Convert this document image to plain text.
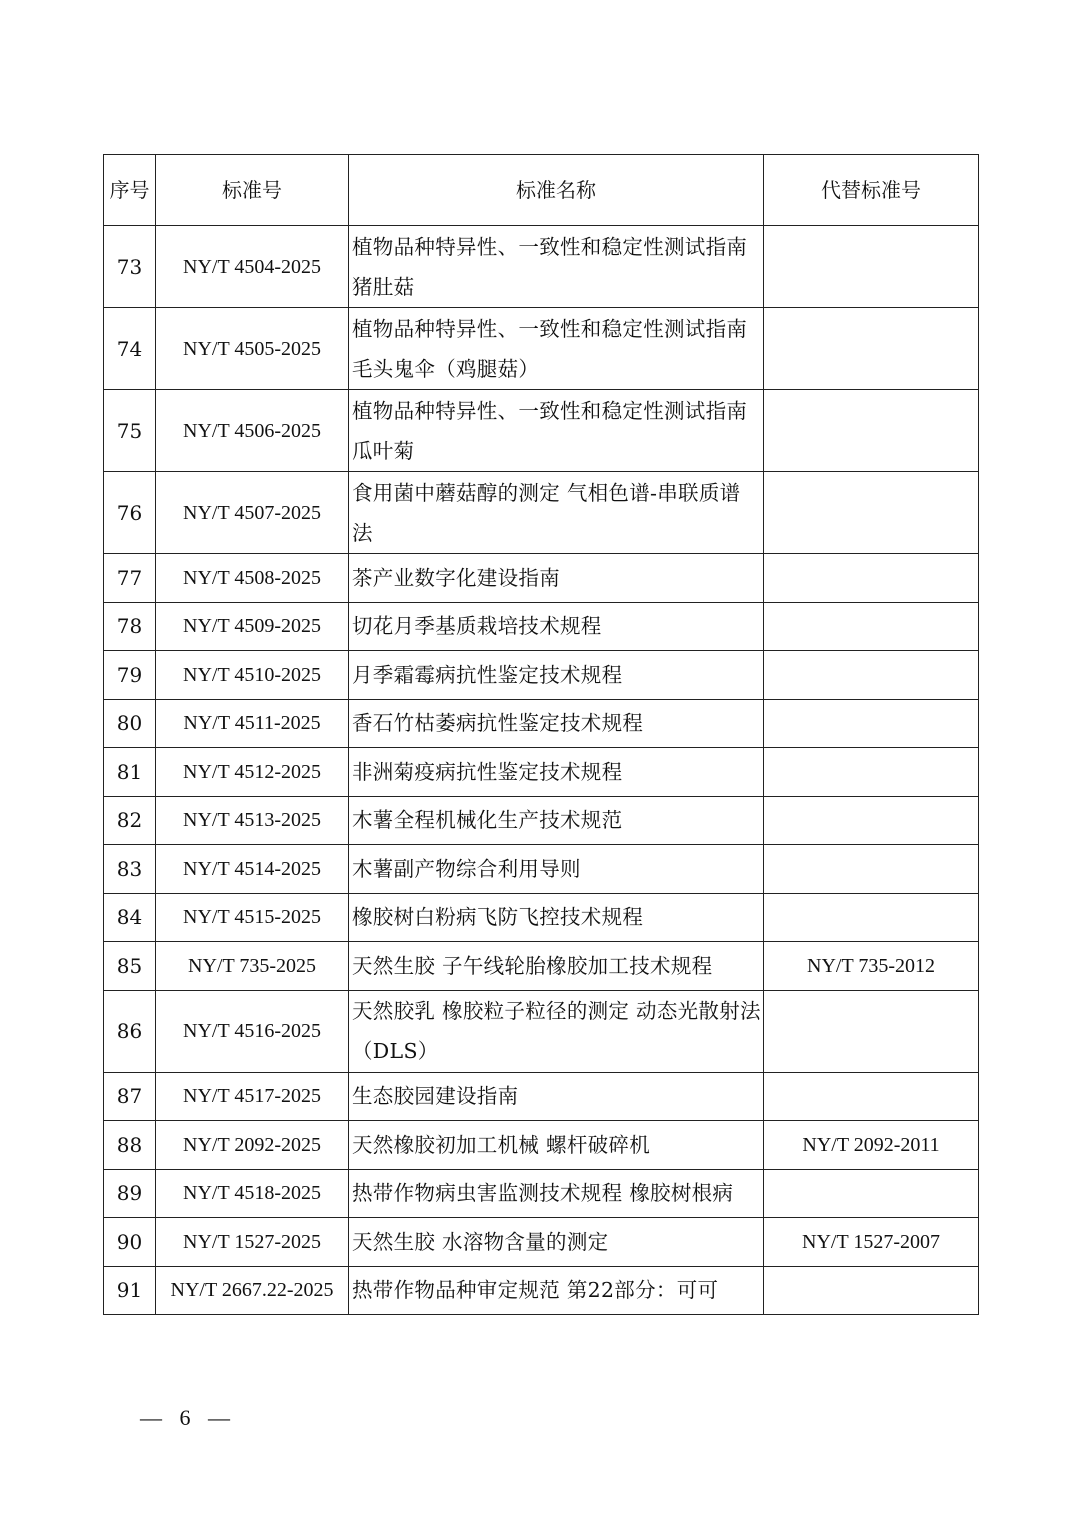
序号	标准号	标准名称	代替标准号
73	NY/T 4504-2025	植物品种特异性、一致性和稳定性测试指南猪肚菇	
74	NY/T 4505-2025	植物品种特异性、一致性和稳定性测试指南毛头鬼伞（鸡腿菇）	
75	NY/T 4506-2025	植物品种特异性、一致性和稳定性测试指南瓜叶菊	
76	NY/T 4507-2025	食用菌中蘑菇醇的测定 气相色谱-串联质谱法	
77	NY/T 4508-2025	茶产业数字化建设指南	
78	NY/T 4509-2025	切花月季基质栽培技术规程	
79	NY/T 4510-2025	月季霜霉病抗性鉴定技术规程	
80	NY/T 4511-2025	香石竹枯萎病抗性鉴定技术规程	
81	NY/T 4512-2025	非洲菊疫病抗性鉴定技术规程	
82	NY/T 4513-2025	木薯全程机械化生产技术规范	
83	NY/T 4514-2025	木薯副产物综合利用导则	
84	NY/T 4515-2025	橡胶树白粉病飞防飞控技术规程	
85	NY/T 735-2025	天然生胶 子午线轮胎橡胶加工技术规程	NY/T 735-2012
86	NY/T 4516-2025	天然胶乳 橡胶粒子粒径的测定 动态光散射法（DLS）	
87	NY/T 4517-2025	生态胶园建设指南	
88	NY/T 2092-2025	天然橡胶初加工机械 螺杆破碎机	NY/T 2092-2011
89	NY/T 4518-2025	热带作物病虫害监测技术规程 橡胶树根病	
90	NY/T 1527-2025	天然生胶 水溶物含量的测定	NY/T 1527-2007
91	NY/T 2667.22-2025	热带作物品种审定规范 第22部分：可可	
— 6 —
